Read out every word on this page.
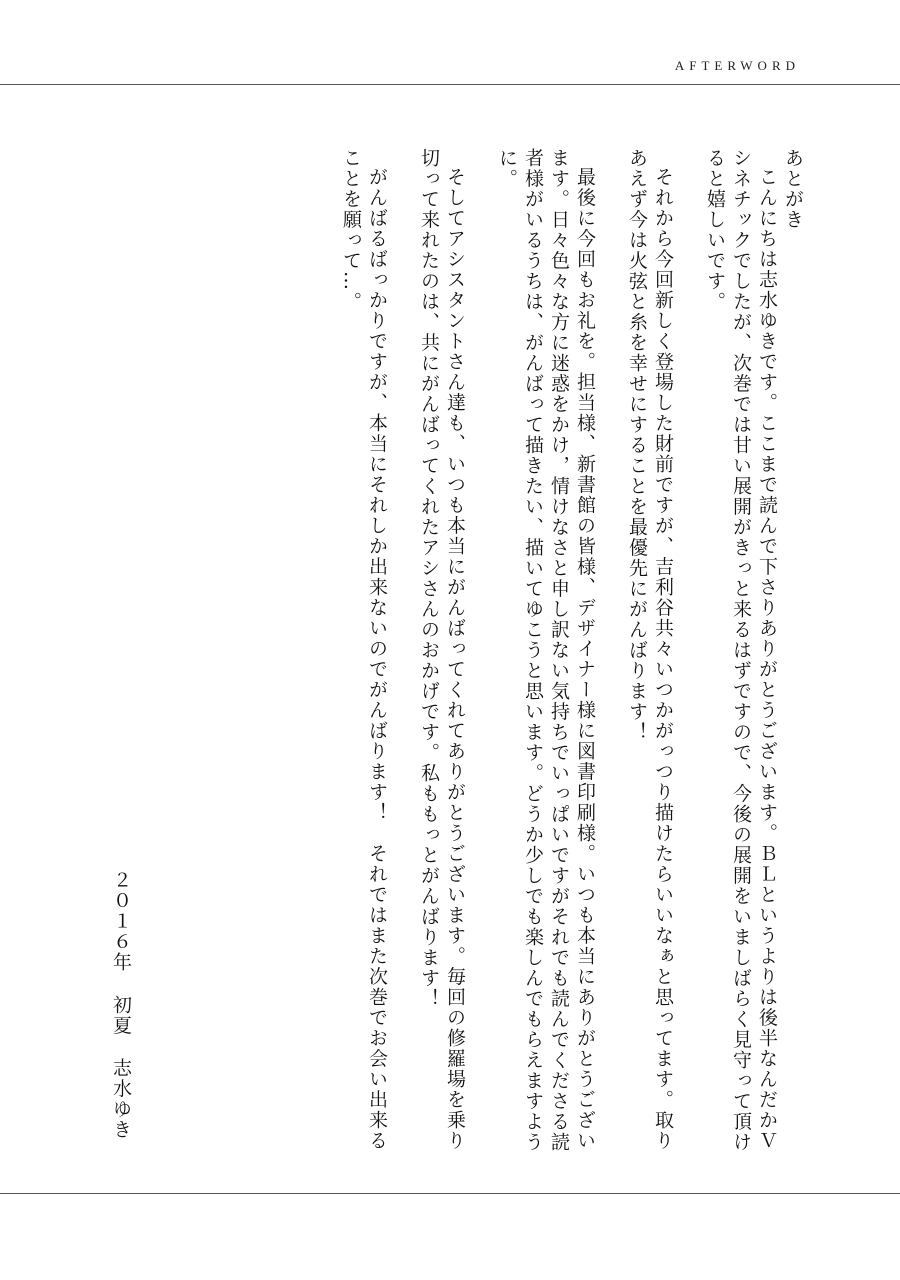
AFTERWORD

あとがき

こんにちは志水ゆきです。ここまで読んで下さりありがとうございます。ＢＬというよりは後半なんだかＶシネチックでしたが、次巻では甘い展開がきっと来るはずですので、今後の展開をいましばらく見守って頂けると嬉しいです。

それから今回新しく登場した財前ですが、吉利谷共々いつかがっつり描けたらいいなぁと思ってます。取りあえず今は火弦と糸を幸せにすることを最優先にがんばります！

最後に今回もお礼を。担当様、新書館の皆様、デザイナー様に図書印刷様。いつも本当にありがとうございます。日々色々な方に迷惑をかけ，情けなさと申し訳ない気持ちでいっぱいですがそれでも読んでくださる読者様がいるうちは、がんばって描きたい、描いてゆこうと思います。どうか少しでも楽しんでもらえますように。

そしてアシスタントさん達も、いつも本当にがんばってくれてありがとうございます。毎回の修羅場を乗り切って来れたのは、共にがんばってくれたアシさんのおかげです。私ももっとがんばります！

がんばるばっかりですが、本当にそれしか出来ないのでがんばります！　それではまた次巻でお会い出来ることを願って…。

２０１６年
初夏
志水ゆき
